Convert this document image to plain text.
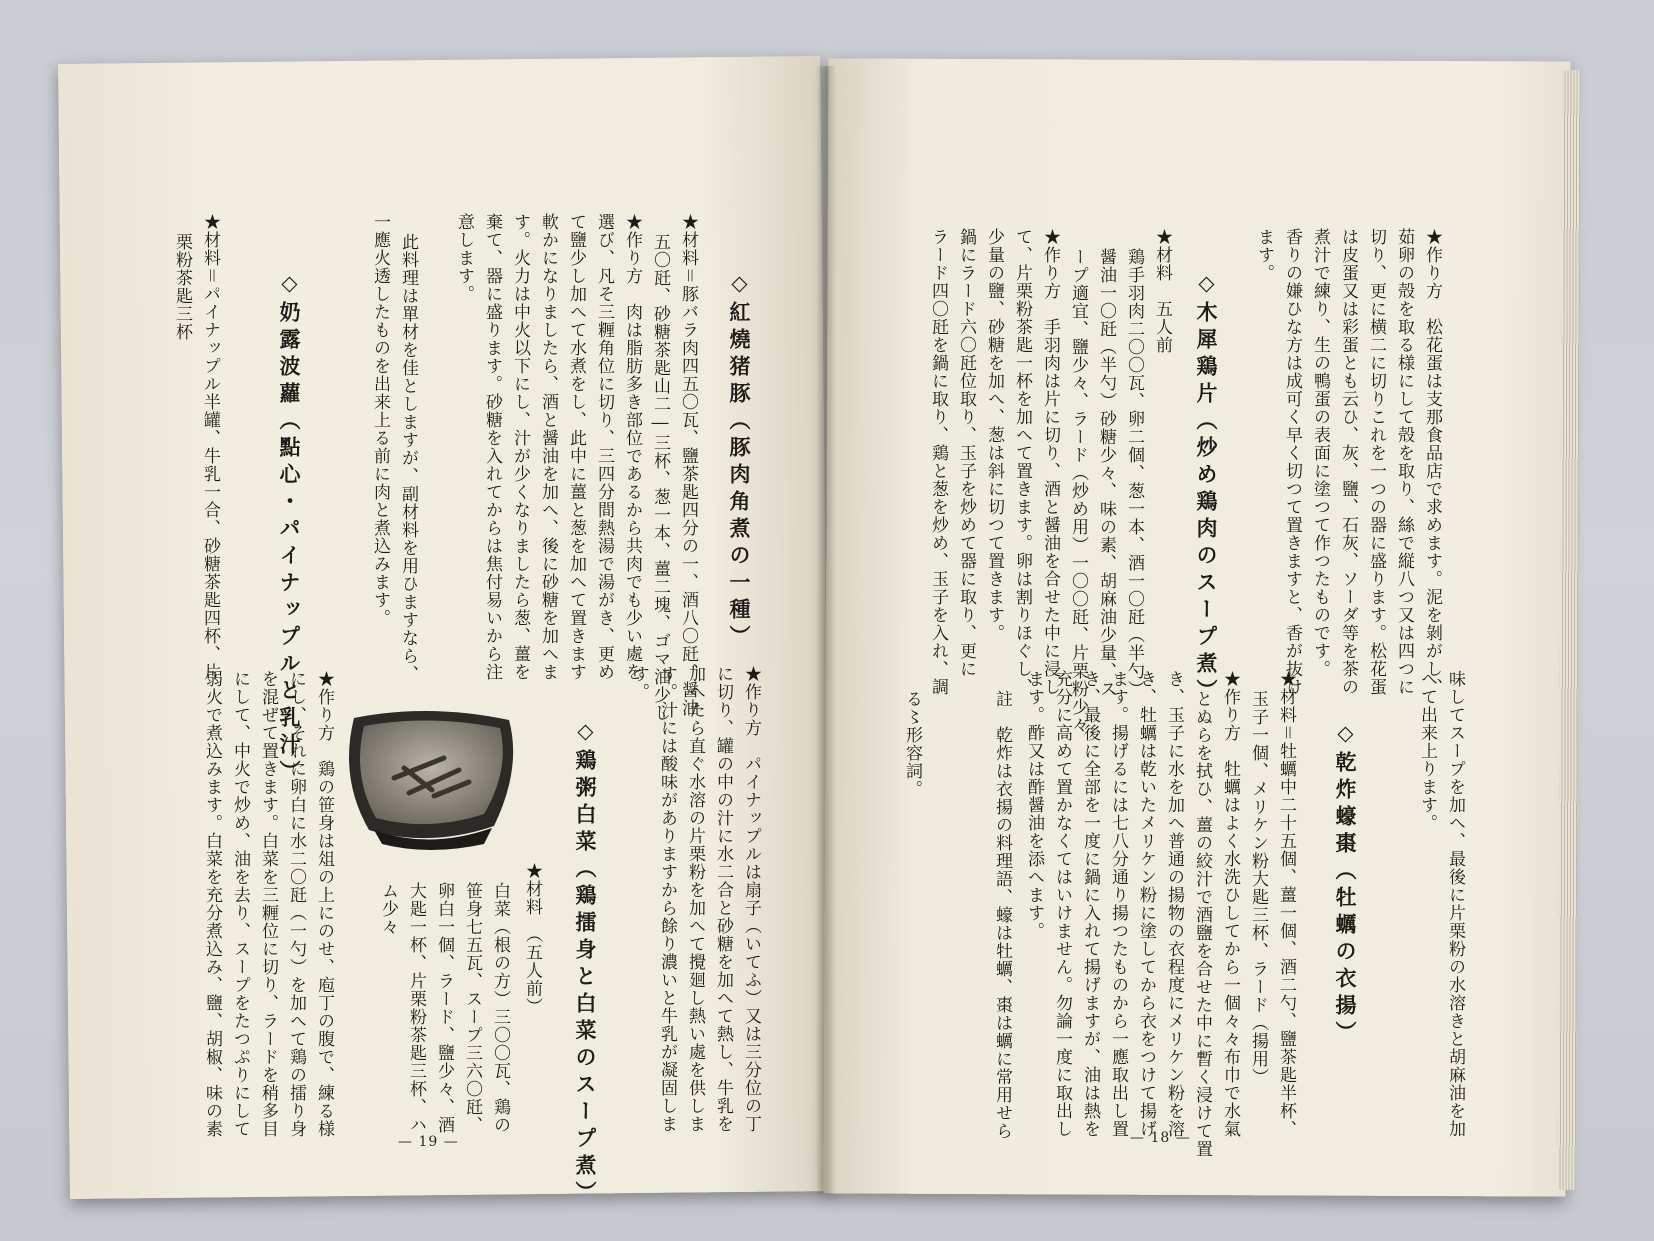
★作り方　松花蛋は支那食品店で求めます。泥を剝がし、

茹卵の殻を取る様にして殻を取り、絲で縦八つ又は四つに

切り、更に横二に切りこれを一つの器に盛ります。松花蛋

は皮蛋又は彩蛋とも云ひ、灰、鹽、石灰、ソーダ等を茶の

煮汁で練り、生の鴨蛋の表面に塗つて作つたものです。

香りの嫌ひな方は成可く早く切つて置きますと、香が抜け

ます。

◇木犀鶏片（炒め鶏肉のスープ煮）

★材料　五人前

鶏手羽肉二〇〇瓦、卵二個、葱一本、酒一〇瓩（半勺）

醤油一〇瓩（半勺）砂糖少々、味の素、胡麻油少量、ス

ープ適宜、鹽少々、ラード（炒め用）一〇〇瓩、片栗粉少々

★作り方　手羽肉は片に切り、酒と醤油を合せた中に浸し

て、片栗粉茶匙一杯を加へて置きます。卵は割りほぐし、

少量の鹽、砂糖を加へ、葱は斜に切つて置きます。

鍋にラード六〇瓩位取り、玉子を炒めて器に取り、更に

ラード四〇瓩を鍋に取り、鶏と葱を炒め、玉子を入れ、調

味してスープを加へ、最後に片栗粉の水溶きと胡麻油を加

へて出来上ります。

◇乾炸蠔棗（牡蠣の衣揚）

★材料＝牡蠣中二十五個、薑一個、酒二勺、鹽茶匙半杯、

玉子一個、メリケン粉大匙三杯、ラード（揚用）

★作り方　牡蠣はよく水洗ひしてから一個々々布巾で水氣

とぬらを拭ひ、薑の絞汁で酒鹽を合せた中に暫く浸けて置

き、玉子に水を加へ普通の揚物の衣程度にメリケン粉を溶

き、牡蠣は乾いたメリケン粉に塗してから衣をつけて揚げ

ます。揚げるには七八分通り揚つたものから一應取出し置

き、最後に全部を一度に鍋に入れて揚げますが、油は熱を

充分に高めて置かなくてはいけません。勿論一度に取出し

ます。酢又は酢醤油を添へます。

註　乾炸は衣揚の料理語、蠔は牡蠣、棗は蠣に常用せら

る〻形容詞。

— 18 —

◇紅燒猪豚（豚肉角煮の一種）

★材料＝豚バラ肉四五〇瓦、鹽茶匙四分の一、酒八〇瓩、醤油

五〇瓩、砂糖茶匙山二―三杯、葱一本、薑二塊、ゴマ油少し

★作り方　肉は脂肪多き部位であるから共肉でも少い處を

選び、凡そ三糎角位に切り、三四分間熱湯で湯がき、更め

て鹽少し加へて水煮をし、此中に薑と葱を加へて置きます

軟かになりましたら、酒と醤油を加へ、後に砂糖を加へま

す。火力は中火以下にし、汁が少くなりましたら葱、薑を

棄て、器に盛ります。砂糖を入れてからは焦付易いから注

意します。

此料理は單材を佳としますが、副材料を用ひますなら、

一應火透したものを出来上る前に肉と煮込みます。

◇奶露波蘿（點心・パイナップルと乳汁）

★材料＝パイナップル半罐、牛乳一合、砂糖茶匙四杯、片

栗粉茶匙三杯

★作り方　パイナップルは扇子（いてふ）又は三分位の丁

に切り、罐の中の汁に水二合と砂糖を加へて熱し、牛乳を

加へたら直ぐ水溶の片栗粉を加へて攪廻し熱い處を供しま

す。汁には酸味がありますから餘り濃いと牛乳が凝固しま

す。

◇鶏粥白菜（鶏擂身と白菜のスープ煮）

★材料　（五人前）

白菜（根の方）三〇〇瓦、鶏の

笹身七五瓦、スープ三六〇瓩、

卵白一個、ラード、鹽少々、酒

大匙一杯、片栗粉茶匙三杯、ハ

ム少々

★作り方　鶏の笹身は俎の上にのせ、庖丁の腹で、練る様

にし、それに卵白に水二〇瓩（一勺）を加へて鶏の擂り身

を混ぜて置きます。白菜を三糎位に切り、ラードを稍多目

にして、中火で炒め、油を去り、スープをたつぷりにして

弱火で煮込みます。白菜を充分煮込み、鹽、胡椒、味の素

— 19 —
